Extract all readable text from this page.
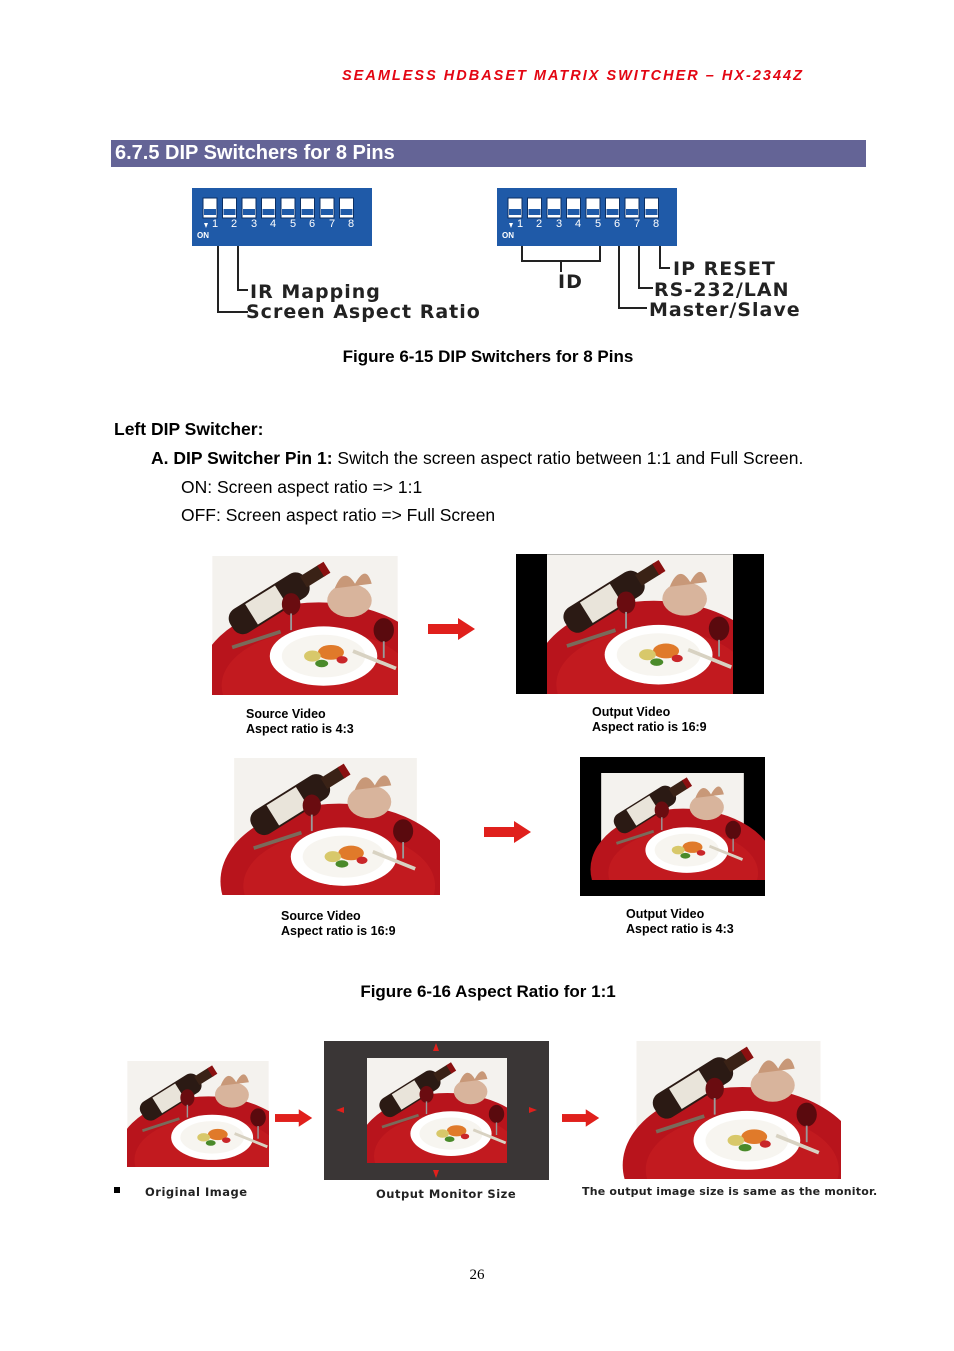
SEAMLESS HDBASET MATRIX SWITCHER – HX-2344Z
6.7.5 DIP Switchers for 8 Pins
1 2 3 4 5 6 7 8
ON
IR Mapping
Screen Aspect Ratio
1 2 3 4 5 6 7 8
ON
ID
IP RESET
RS-232/LAN
Master/Slave
Figure 6-15 DIP Switchers for 8 Pins
Left DIP Switcher:
A. DIP Switcher Pin 1: Switch the screen aspect ratio between 1:1 and Full Screen.
ON: Screen aspect ratio => 1:1
OFF: Screen aspect ratio => Full Screen
Source Video
Aspect ratio is 4:3
Output Video
Aspect ratio is 16:9
Source Video
Aspect ratio is 16:9
Output Video
Aspect ratio is 4:3
Figure 6-16 Aspect Ratio for 1:1
Original Image	Output Monitor Size	The output image size is same as the monitor.
26
